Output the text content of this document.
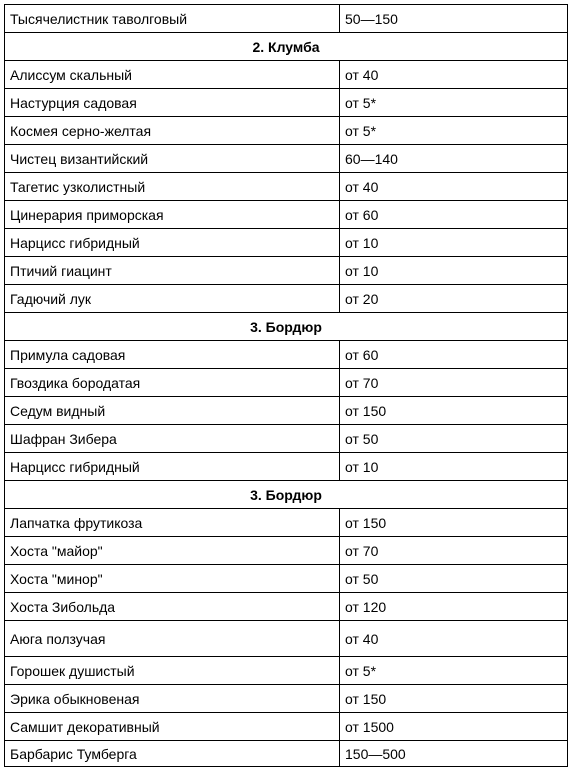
Тысячелистник таволговый	50—150
2. Клумба	
Алиссум скальный	от 40
Настурция садовая	от 5*
Космея серно-желтая	от 5*
Чистец византийский	60—140
Тагетис узколистный	от 40
Цинерария приморская	от 60
Нарцисс гибридный	от 10
Птичий гиацинт	от 10
Гадючий лук	от 20
3. Бордюр	
Примула садовая	от 60
Гвоздика бородатая	от 70
Седум видный	от 150
Шафран Зибера	от 50
Нарцисс гибридный	от 10
3. Бордюр	
Лапчатка фрутикоза	от 150
Хоста "майор"	от 70
Хоста "минор"	от 50
Хоста Зибольда	от 120
Аюга ползучая	от 40
Горошек душистый	от 5*
Эрика обыкновеная	от 150
Самшит декоративный	от 1500
Барбарис Тумберга	150—500
